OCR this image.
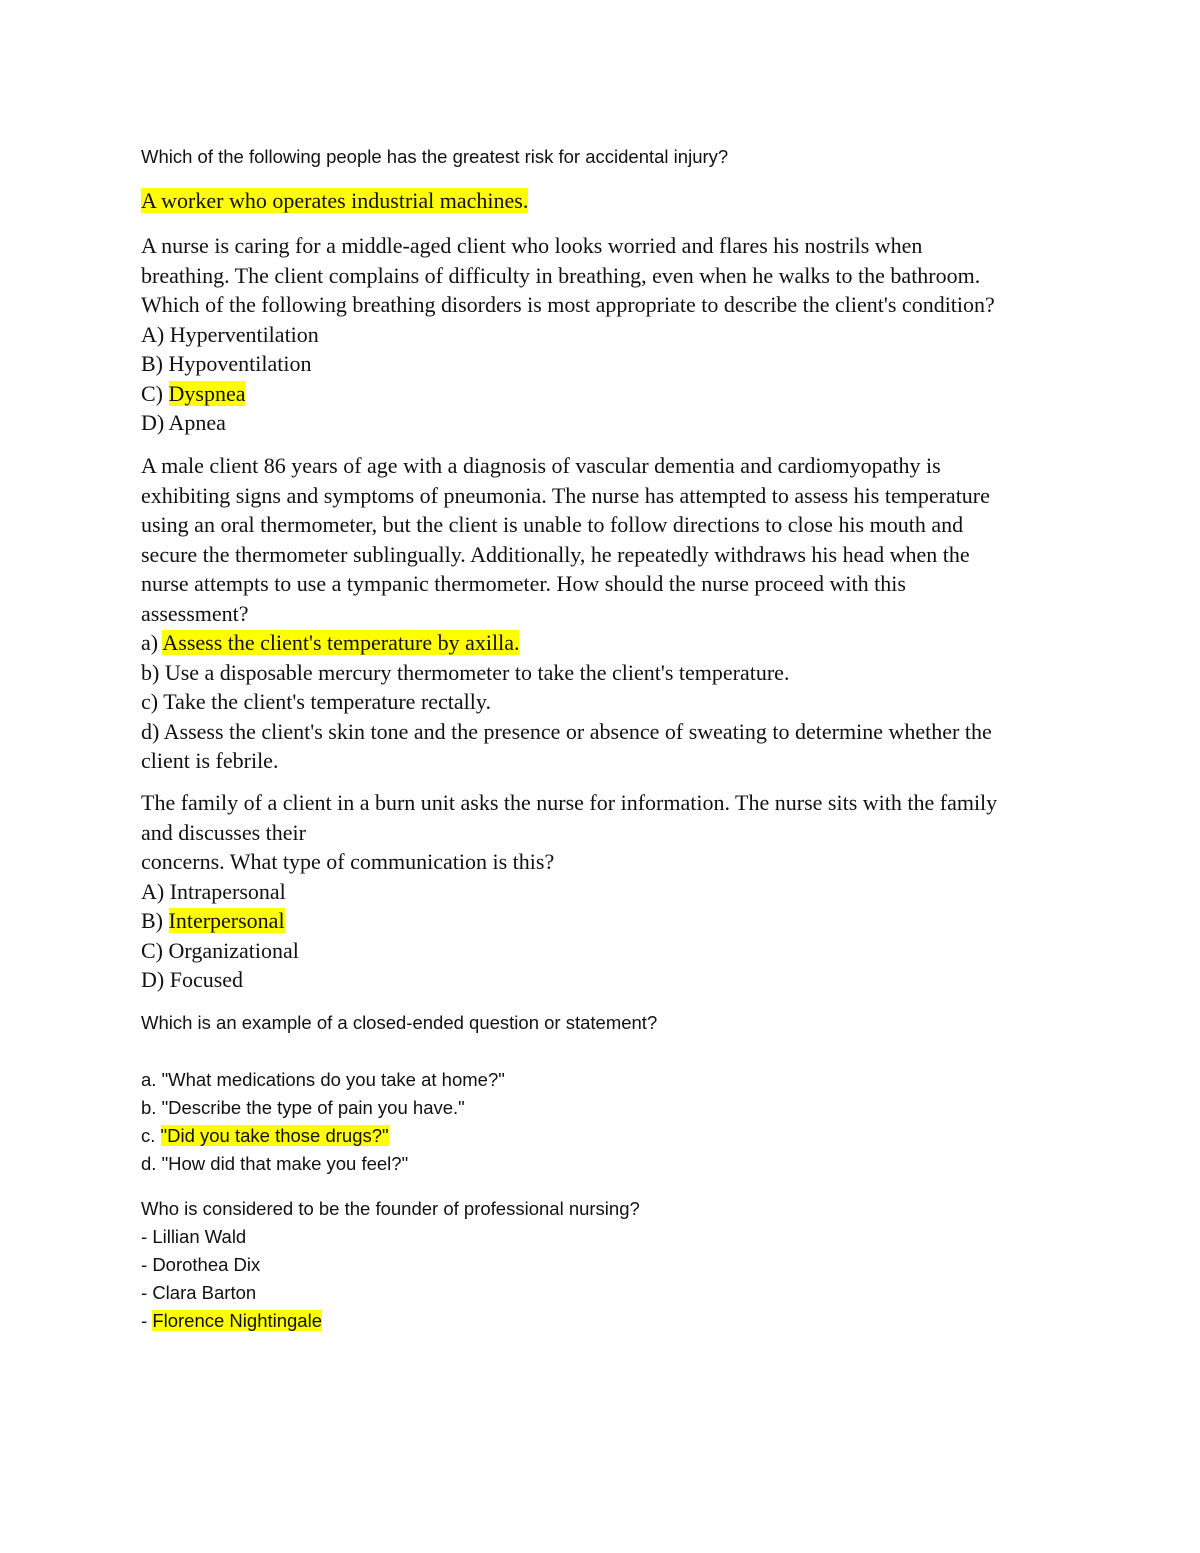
Which of the following people has the greatest risk for accidental injury?
A worker who operates industrial machines.
A nurse is caring for a middle-aged client who looks worried and flares his nostrils when
breathing. The client complains of difficulty in breathing, even when he walks to the bathroom.
Which of the following breathing disorders is most appropriate to describe the client's condition?
A) Hyperventilation
B) Hypoventilation
C) Dyspnea
D) Apnea
A male client 86 years of age with a diagnosis of vascular dementia and cardiomyopathy is
exhibiting signs and symptoms of pneumonia. The nurse has attempted to assess his temperature
using an oral thermometer, but the client is unable to follow directions to close his mouth and
secure the thermometer sublingually. Additionally, he repeatedly withdraws his head when the
nurse attempts to use a tympanic thermometer. How should the nurse proceed with this
assessment?
a) Assess the client's temperature by axilla.
b) Use a disposable mercury thermometer to take the client's temperature.
c) Take the client's temperature rectally.
d) Assess the client's skin tone and the presence or absence of sweating to determine whether the
client is febrile.
The family of a client in a burn unit asks the nurse for information. The nurse sits with the family
and discusses their
concerns. What type of communication is this?
A) Intrapersonal
B) Interpersonal
C) Organizational
D) Focused
Which is an example of a closed-ended question or statement?
a. "What medications do you take at home?"
b. "Describe the type of pain you have."
c. "Did you take those drugs?"
d. "How did that make you feel?"
Who is considered to be the founder of professional nursing?
- Lillian Wald
- Dorothea Dix
- Clara Barton
- Florence Nightingale
